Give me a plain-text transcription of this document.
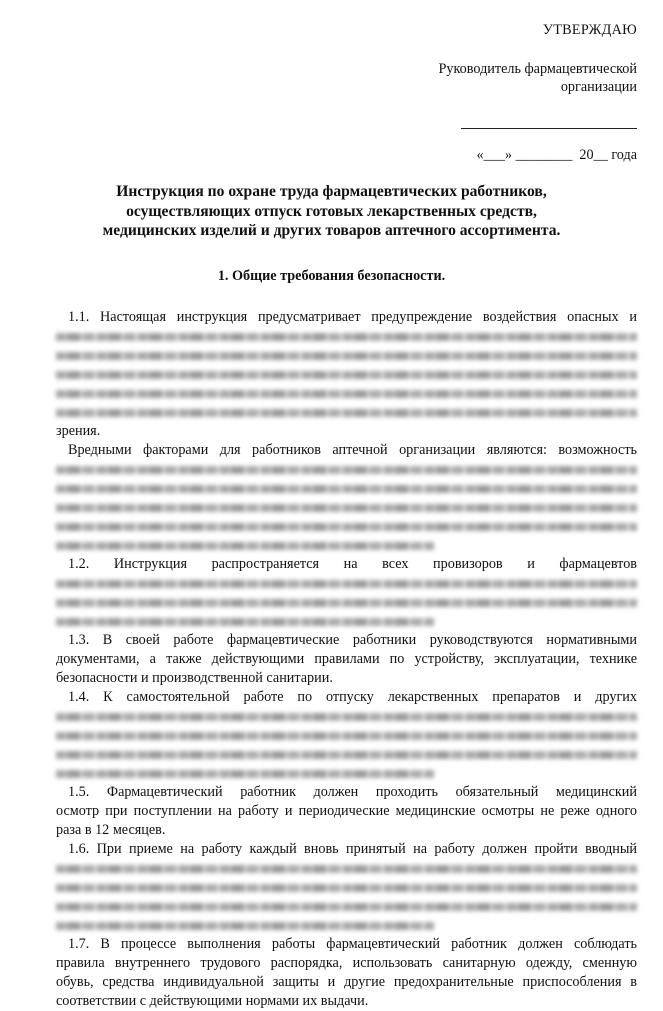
УТВЕРЖДАЮ
Руководитель фармацевтической
организации
«___» ________  20__ года
Инструкция по охране труда фармацевтических работников,
осуществляющих отпуск готовых лекарственных средств,
медицинских изделий и других товаров аптечного ассортимента.
1. Общие требования безопасности.
1.1. Настоящая инструкция предусматривает предупреждение воздействия опасных и
зрения.
Вредными факторами для работников аптечной организации являются: возможность
1.2.   Инструкция   распространяется   на   всех   провизоров   и   фармацевтов
1.3. В своей работе фармацевтические работники руководствуются нормативными
документами, а также действующими правилами по устройству, эксплуатации, технике
безопасности и производственной санитарии.
1.4. К самостоятельной работе по отпуску лекарственных препаратов и других
1.5. Фармацевтический работник должен проходить обязательный медицинский
осмотр при поступлении на работу и периодические медицинские осмотры не реже одного
раза в 12 месяцев.
1.6. При приеме на работу каждый вновь принятый на работу должен пройти вводный
1.7. В процессе выполнения работы фармацевтический работник должен соблюдать
правила внутреннего трудового распорядка, использовать санитарную одежду, сменную
обувь, средства индивидуальной защиты и другие предохранительные приспособления в
соответствии с действующими нормами их выдачи.
